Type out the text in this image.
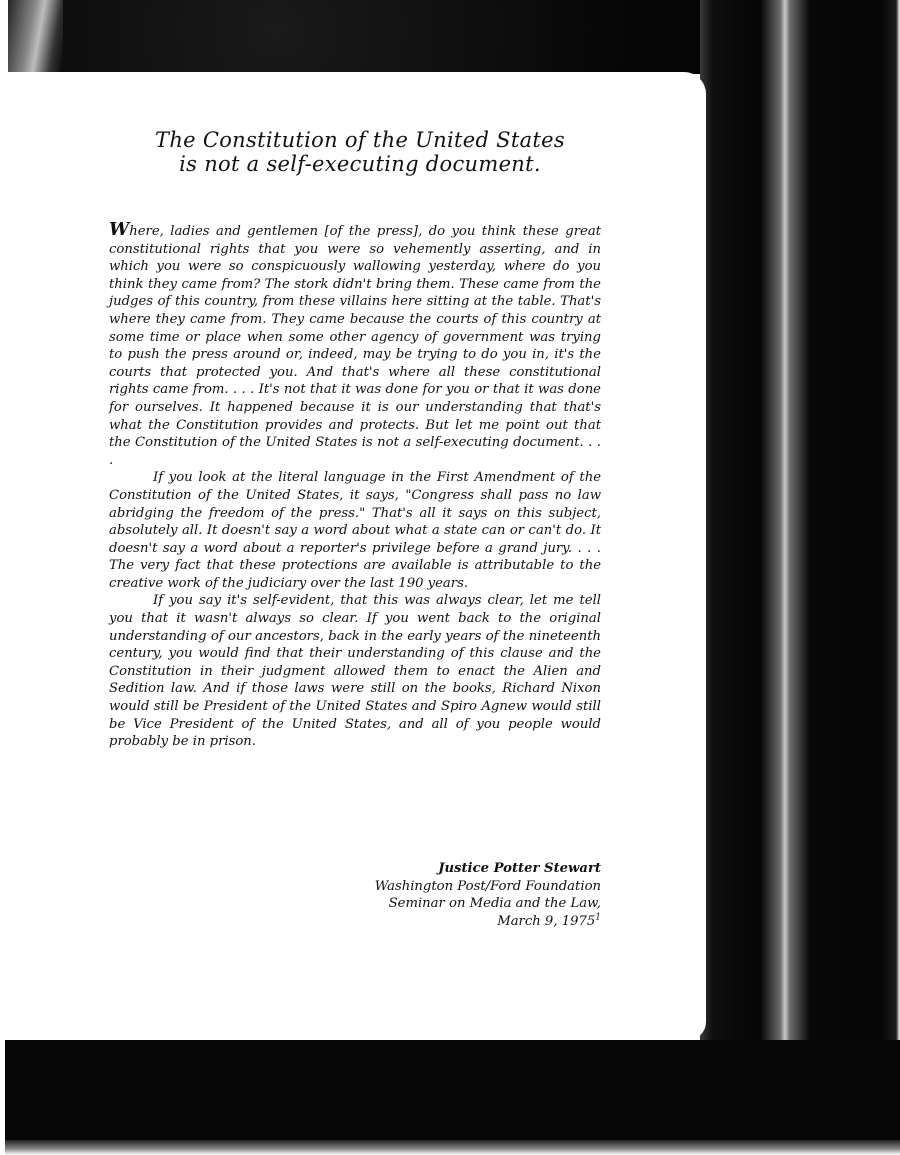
The Constitution of the United States
is not a self-executing document.

Where, ladies and gentlemen [of the press], do you think these great constitutional rights that you were so vehemently asserting, and in which you were so conspicuously wallowing yesterday, where do you think they came from? The stork didn't bring them. These came from the judges of this country, from these villains here sitting at the table. That's where they came from. They came because the courts of this country at some time or place when some other agency of government was trying to push the press around or, indeed, may be trying to do you in, it's the courts that protected you. And that's where all these constitutional rights came from. . . . It's not that it was done for you or that it was done for ourselves. It happened because it is our understanding that that's what the Constitution provides and protects. But let me point out that the Constitution of the United States is not a self-executing document. . . .

If you look at the literal language in the First Amendment of the Constitution of the United States, it says, "Congress shall pass no law abridging the freedom of the press." That's all it says on this subject, absolutely all. It doesn't say a word about what a state can or can't do. It doesn't say a word about a reporter's privilege before a grand jury. . . . The very fact that these protections are available is attributable to the creative work of the judiciary over the last 190 years.

If you say it's self-evident, that this was always clear, let me tell you that it wasn't always so clear. If you went back to the original understanding of our ancestors, back in the early years of the nineteenth century, you would find that their understanding of this clause and the Constitution in their judgment allowed them to enact the Alien and Sedition law. And if those laws were still on the books, Richard Nixon would still be President of the United States and Spiro Agnew would still be Vice President of the United States, and all of you people would probably be in prison.

Justice Potter Stewart
Washington Post/Ford Foundation
Seminar on Media and the Law,
March 9, 1975$^1$
